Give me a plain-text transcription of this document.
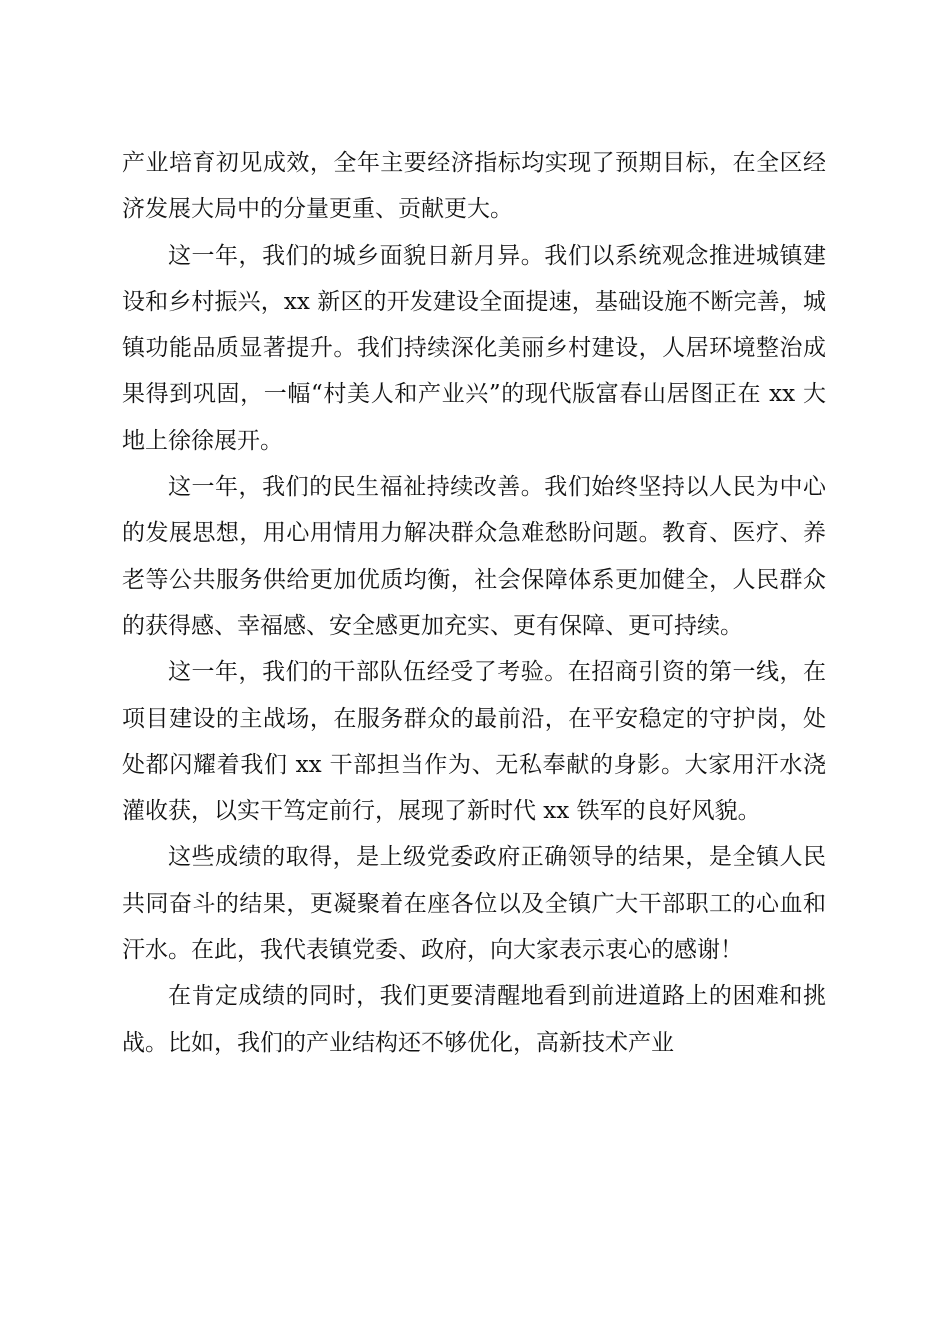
产业培育初见成效，全年主要经济指标均实现了预期目标，在全区经济发展大局中的分量更重、贡献更大。

这一年，我们的城乡面貌日新月异。我们以系统观念推进城镇建设和乡村振兴，xx 新区的开发建设全面提速，基础设施不断完善，城镇功能品质显著提升。我们持续深化美丽乡村建设，人居环境整治成果得到巩固，一幅“村美人和产业兴”的现代版富春山居图正在 xx 大地上徐徐展开。

这一年，我们的民生福祉持续改善。我们始终坚持以人民为中心的发展思想，用心用情用力解决群众急难愁盼问题。教育、医疗、养老等公共服务供给更加优质均衡，社会保障体系更加健全，人民群众的获得感、幸福感、安全感更加充实、更有保障、更可持续。

这一年，我们的干部队伍经受了考验。在招商引资的第一线，在项目建设的主战场，在服务群众的最前沿，在平安稳定的守护岗，处处都闪耀着我们 xx 干部担当作为、无私奉献的身影。大家用汗水浇灌收获，以实干笃定前行，展现了新时代 xx 铁军的良好风貌。

这些成绩的取得，是上级党委政府正确领导的结果，是全镇人民共同奋斗的结果，更凝聚着在座各位以及全镇广大干部职工的心血和汗水。在此，我代表镇党委、政府，向大家表示衷心的感谢！

在肯定成绩的同时，我们更要清醒地看到前进道路上的困难和挑战。比如，我们的产业结构还不够优化，高新技术产业
